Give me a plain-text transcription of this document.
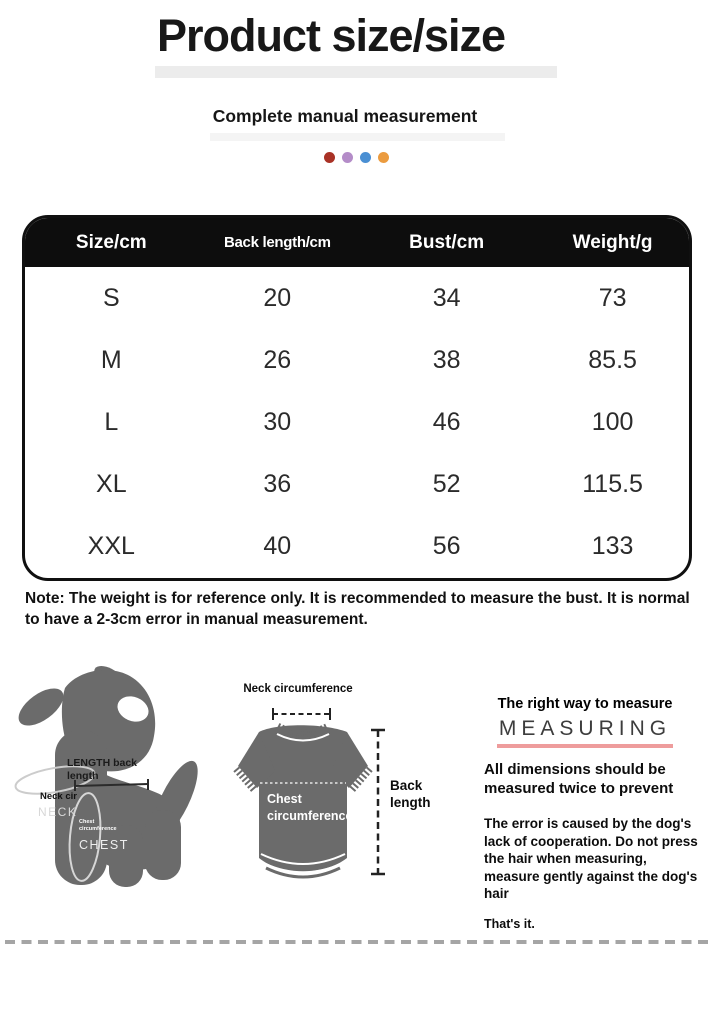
Product size/size
Complete manual measurement
Size/cm	Back length/cm	Bust/cm	Weight/g
S	20	34	73
M	26	38	85.5
L	30	46	100
XL	36	52	115.5
XXL	40	56	133
Note: The weight is for reference only. It is recommended to measure the bust. It is normal to have a 2-3cm error in manual measurement.
LENGTH back
length
Neck cir
NECK
Chest
circumference
CHEST
Neck circumference
Chest
circumference
Back
length
The right way to measure
MEASURING
All dimensions should be measured twice to prevent
The error is caused by the dog's lack of cooperation. Do not press the hair when measuring, measure gently against the dog's hair
That's it.
